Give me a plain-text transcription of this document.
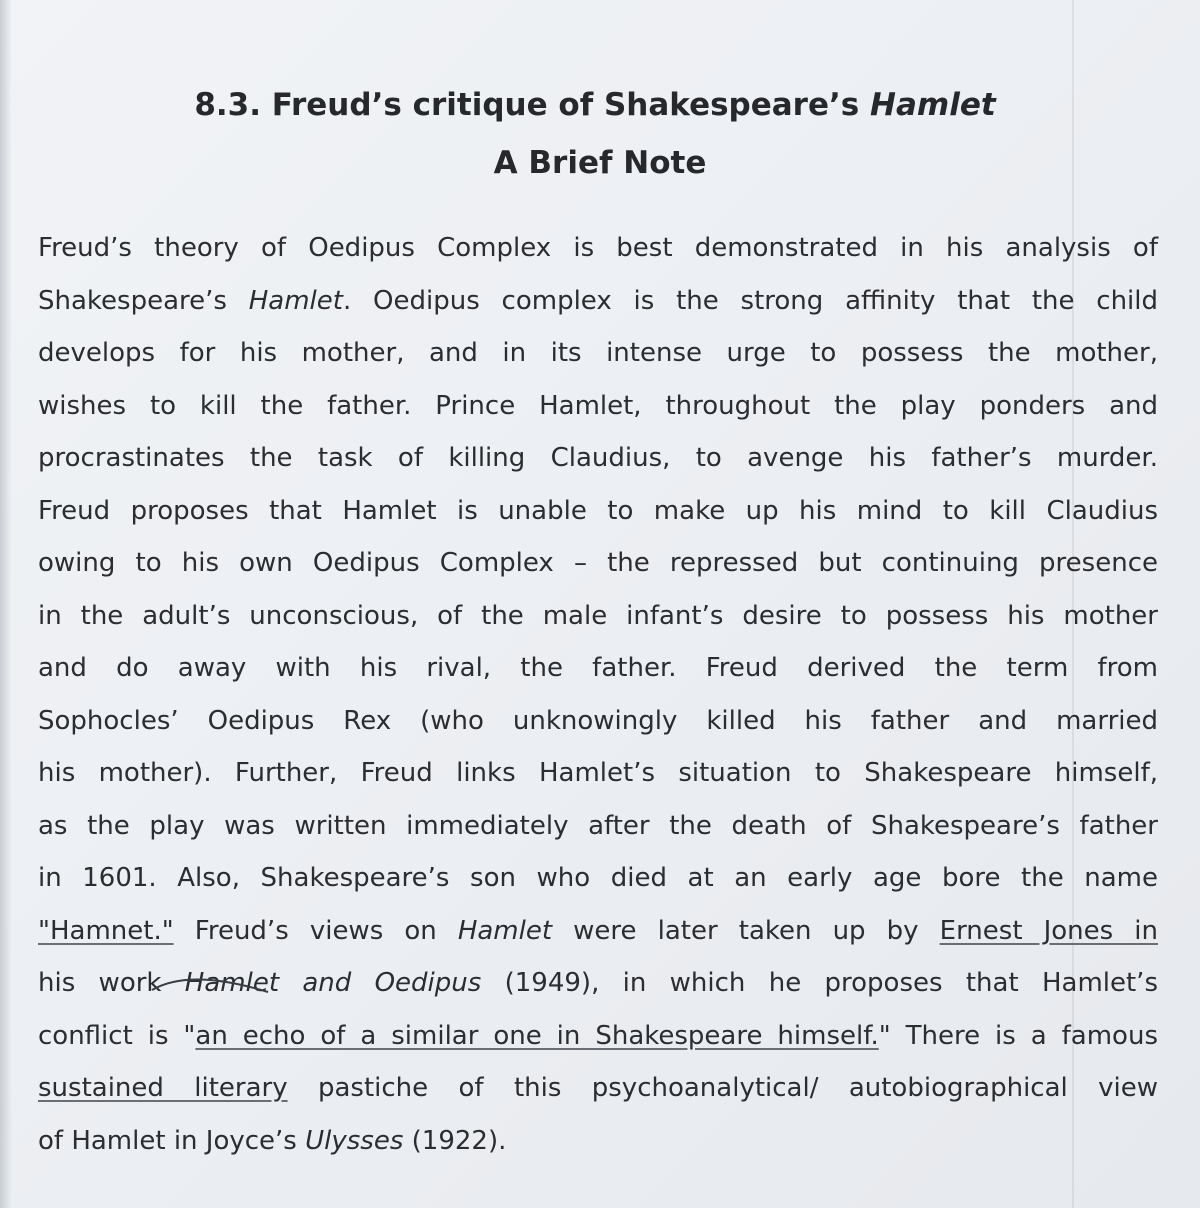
8.3. Freud’s critique of Shakespeare’s Hamlet
A Brief Note
Freud’s theory of Oedipus Complex is best demonstrated in his analysis of
Shakespeare’s Hamlet. Oedipus complex is the strong affinity that the child
develops for his mother, and in its intense urge to possess the mother,
wishes to kill the father. Prince Hamlet, throughout the play ponders and
procrastinates the task of killing Claudius, to avenge his father’s murder.
Freud proposes that Hamlet is unable to make up his mind to kill Claudius
owing to his own Oedipus Complex – the repressed but continuing presence
in the adult’s unconscious, of the male infant’s desire to possess his mother
and do away with his rival, the father. Freud derived the term from
Sophocles’ Oedipus Rex (who unknowingly killed his father and married
his mother). Further, Freud links Hamlet’s situation to Shakespeare himself,
as the play was written immediately after the death of Shakespeare’s father
in 1601. Also, Shakespeare’s son who died at an early age bore the name
"Hamnet." Freud’s views on Hamlet were later taken up by Ernest Jones in
his work Hamlet and Oedipus (1949), in which he proposes that Hamlet’s
conflict is "an echo of a similar one in Shakespeare himself." There is a famous
sustained literary pastiche of this psychoanalytical/ autobiographical view
of Hamlet in Joyce’s Ulysses (1922).
